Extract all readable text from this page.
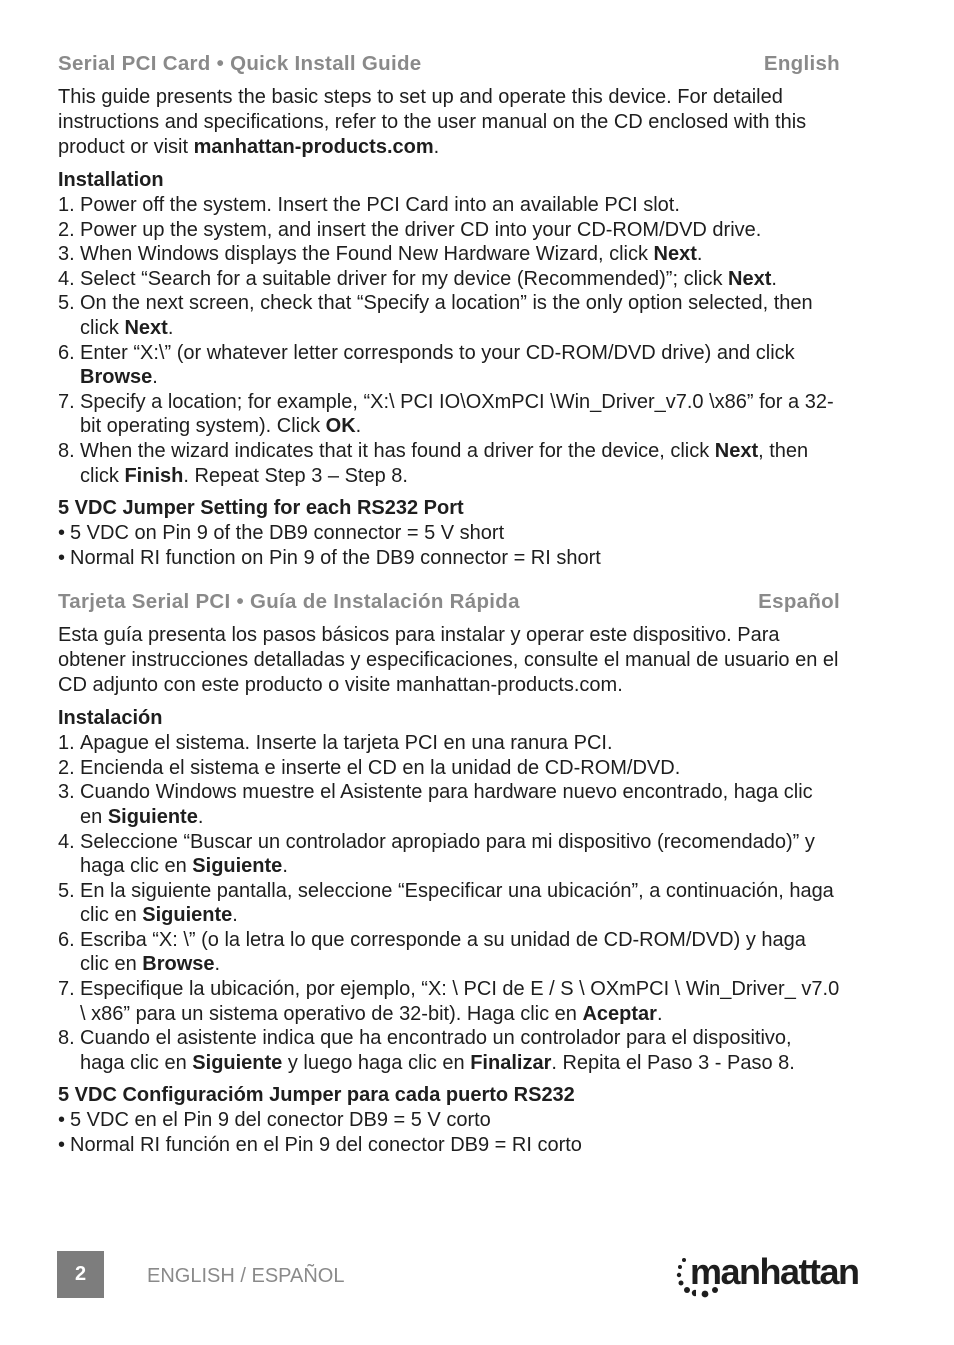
Serial PCI Card • Quick Install Guide	English

This guide presents the basic steps to set up and operate this device. For detailed instructions and specifications, refer to the user manual on the CD enclosed with this product or visit manhattan-products.com.

Installation

1. Power off the system. Insert the PCI Card into an available PCI slot.
2. Power up the system, and insert the driver CD into your CD-ROM/DVD drive.
3. When Windows displays the Found New Hardware Wizard, click Next.
4. Select “Search for a suitable driver for my device (Recommended)”; click Next.
5. On the next screen, check that “Specify a location” is the only option selected, then click Next.
6. Enter “X:\” (or whatever letter corresponds to your CD-ROM/DVD drive) and click Browse.
7. Specify a location; for example, “X:\ PCI IO\OXmPCI \Win_Driver_v7.0 \x86” for a 32-bit operating system). Click OK.
8. When the wizard indicates that it has found a driver for the device, click Next, then click Finish. Repeat Step 3 – Step 8.

5 VDC Jumper Setting for each RS232 Port

• 5 VDC on Pin 9 of the DB9 connector = 5 V short
• Normal RI function on Pin 9 of the DB9 connector = RI short
Tarjeta Serial PCI • Guía de Instalación Rápida	Español

Esta guía presenta los pasos básicos para instalar y operar este dispositivo. Para obtener instrucciones detalladas y especificaciones, consulte el manual de usuario en el CD adjunto con este producto o visite manhattan-products.com.

Instalación

1. Apague el sistema. Inserte la tarjeta PCI en una ranura PCI.
2. Encienda el sistema e inserte el CD en la unidad de CD-ROM/DVD.
3. Cuando Windows muestre el Asistente para hardware nuevo encontrado, haga clic en Siguiente.
4. Seleccione “Buscar un controlador apropiado para mi dispositivo (recomendado)” y haga clic en Siguiente.
5. En la siguiente pantalla, seleccione “Especificar una ubicación”, a continuación, haga clic en Siguiente.
6. Escriba “X: \” (o la letra lo que corresponde a su unidad de CD-ROM/DVD) y haga clic en Browse.
7. Especifique la ubicación, por ejemplo, “X: \ PCI de E / S \ OXmPCI \ Win_Driver_ v7.0 \ x86” para un sistema operativo de 32-bit). Haga clic en Aceptar.
8. Cuando el asistente indica que ha encontrado un controlador para el dispositivo, haga clic en Siguiente y luego haga clic en Finalizar. Repita el Paso 3 - Paso 8.

5 VDC Configuracióm Jumper para cada puerto RS232

• 5 VDC en el Pin 9 del conector DB9 = 5 V corto
• Normal RI función en el Pin 9 del conector DB9 = RI corto
2	ENGLISH / ESPAÑOL	manhattan
